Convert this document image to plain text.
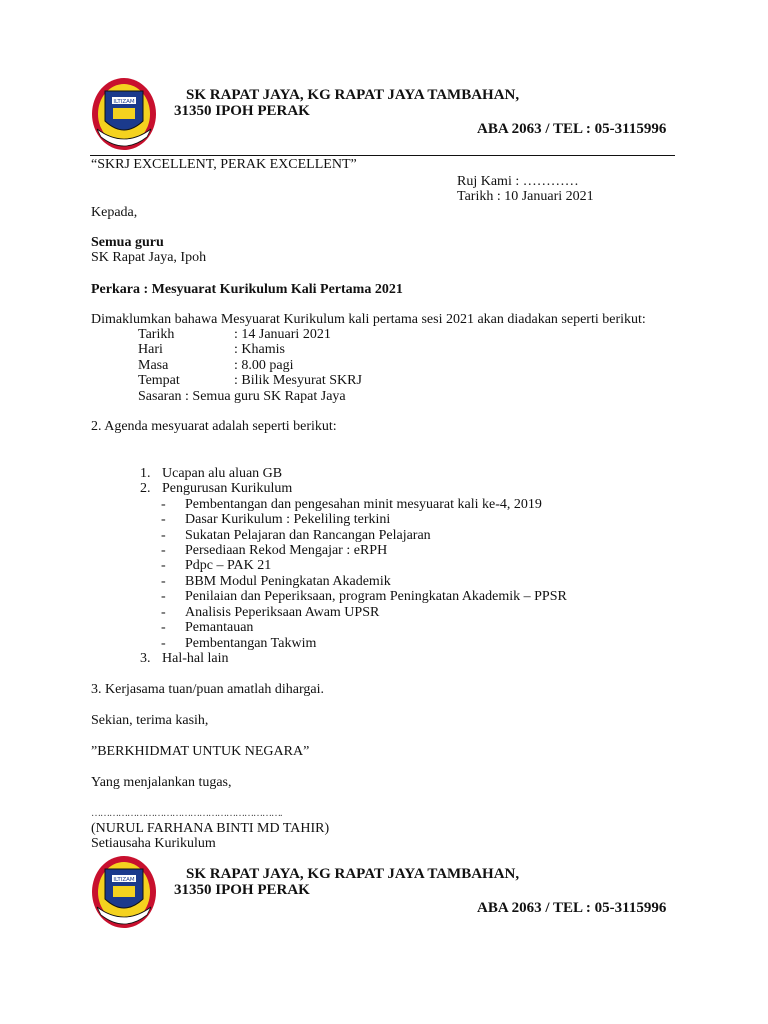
ILTIZAM	SK RAPAT JAYA, KG RAPAT JAYA TAMBAHAN,
31350 IPOH PERAK
ABA 2063 / TEL : 05-3115996
“SKRJ EXCELLENT, PERAK EXCELLENT”
Ruj Kami : …………
Tarikh : 10 Januari 2021
Kepada,
Semua guru
SK Rapat Jaya, Ipoh
Perkara : Mesyuarat Kurikulum Kali Pertama 2021
Dimaklumkan bahawa Mesyuarat Kurikulum kali pertama sesi 2021 akan diadakan seperti berikut:
Tarikh	: 14 Januari 2021
Hari	: Khamis
Masa	: 8.00 pagi
Tempat	: Bilik Mesyurat SKRJ
Sasaran : Semua guru SK Rapat Jaya
2. Agenda mesyuarat adalah seperti berikut:
1. Ucapan alu aluan GB
2. Pengurusan Kurikulum
- Pembentangan dan pengesahan minit mesyuarat kali ke-4, 2019
- Dasar Kurikulum : Pekeliling terkini
- Sukatan Pelajaran dan Rancangan Pelajaran
- Persediaan Rekod Mengajar : eRPH
- Pdpc – PAK 21
- BBM Modul Peningkatan Akademik
- Penilaian dan Peperiksaan, program Peningkatan Akademik – PPSR
- Analisis Peperiksaan Awam UPSR
- Pemantauan
- Pembentangan Takwim
3. Hal-hal lain
3. Kerjasama tuan/puan amatlah dihargai.
Sekian, terima kasih,
”BERKHIDMAT UNTUK NEGARA”
Yang menjalankan tugas,
……………………………………………………….
(NURUL FARHANA BINTI MD TAHIR)
Setiausaha Kurikulum
ILTIZAM	SK RAPAT JAYA, KG RAPAT JAYA TAMBAHAN,
31350 IPOH PERAK
ABA 2063 / TEL : 05-3115996
